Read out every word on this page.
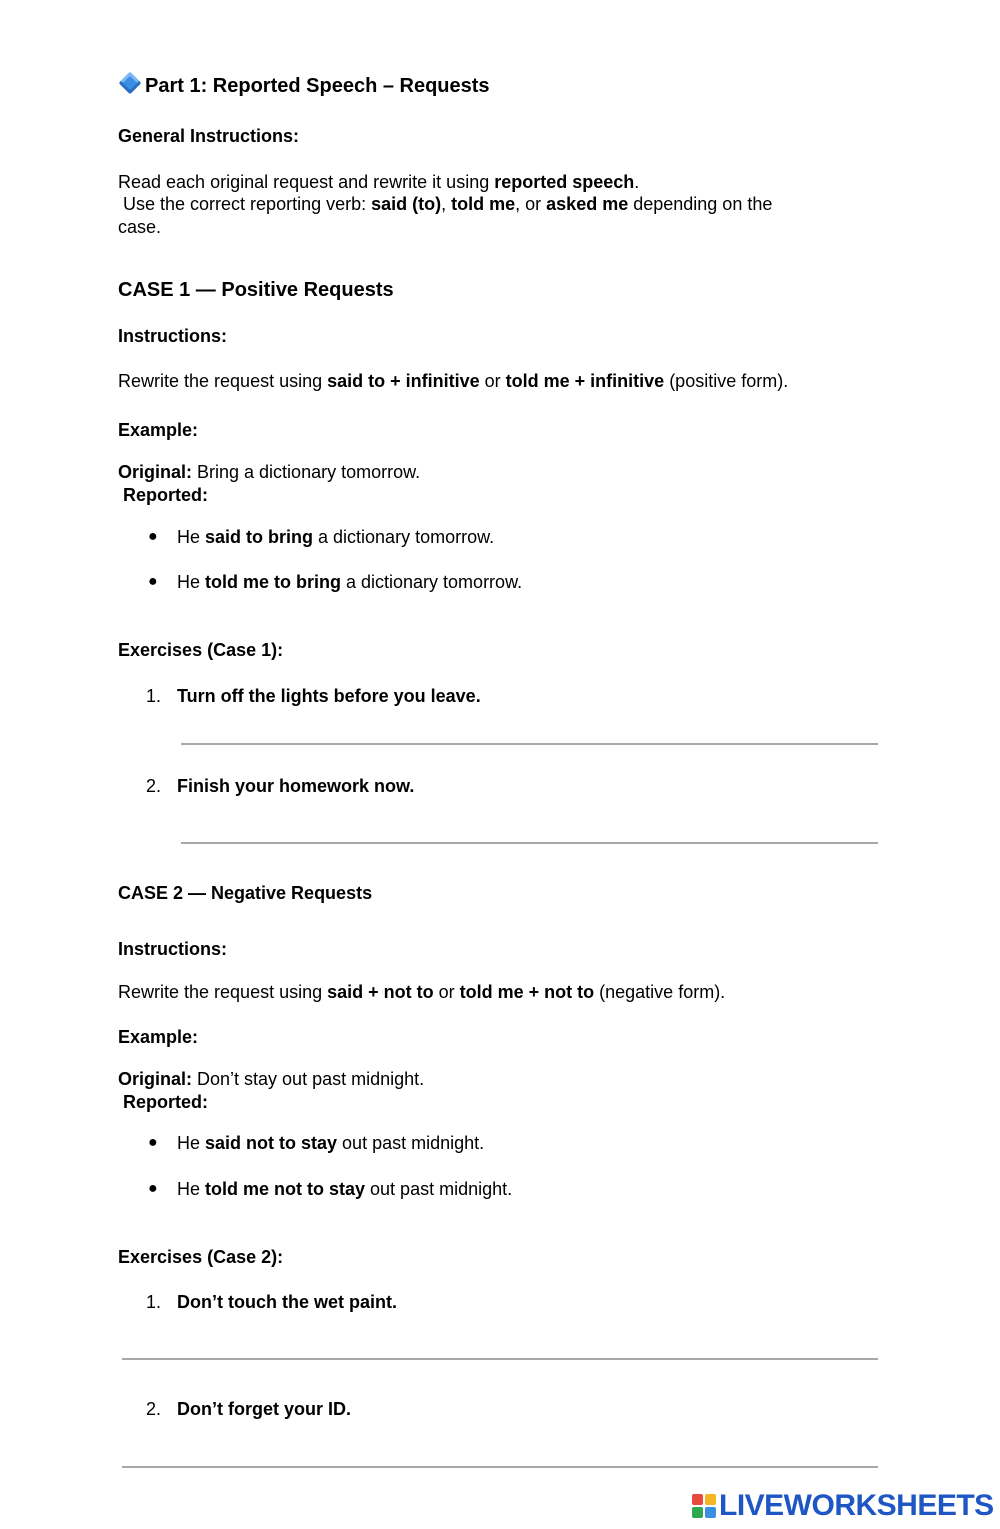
Part 1: Reported Speech – Requests
General Instructions:
Read each original request and rewrite it using reported speech.
Use the correct reporting verb: said (to), told me, or asked me depending on the
case.
CASE 1 — Positive Requests
Instructions:
Rewrite the request using said to + infinitive or told me + infinitive (positive form).
Example:
Original: Bring a dictionary tomorrow.
Reported:
● He said to bring a dictionary tomorrow.
● He told me to bring a dictionary tomorrow.
Exercises (Case 1):
1. Turn off the lights before you leave.
2. Finish your homework now.
CASE 2 — Negative Requests
Instructions:
Rewrite the request using said + not to or told me + not to (negative form).
Example:
Original: Don’t stay out past midnight.
Reported:
● He said not to stay out past midnight.
● He told me not to stay out past midnight.
Exercises (Case 2):
1. Don’t touch the wet paint.
2. Don’t forget your ID.
LIVEWORKSHEETS
